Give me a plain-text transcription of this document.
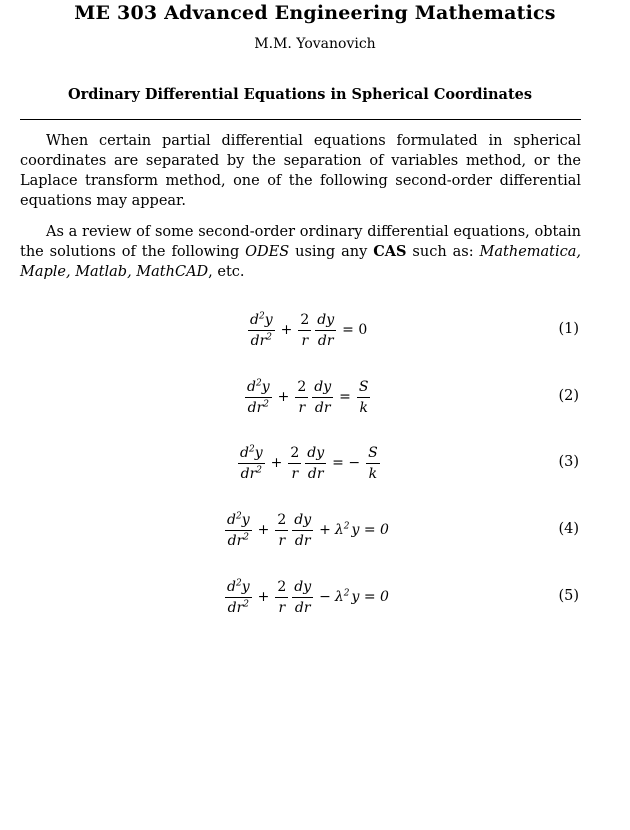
ME 303 Advanced Engineering Mathematics
M.M. Yovanovich
Ordinary Differential Equations in Spherical Coordinates
When certain partial differential equations formulated in spherical coordinates are separated by the separation of variables method, or the Laplace transform method, one of the following second-order differential equations may appear.
As a review of some second-order ordinary differential equations, obtain the solutions of the following ODES using any CAS such as: Mathematica, Maple, Matlab, MathCAD, etc.
$\frac{d^2y}{dr^2} + \frac{2}{r} \frac{dy}{dr} = 0$	(1)
$\frac{d^2y}{dr^2} + \frac{2}{r} \frac{dy}{dr} = \frac{S}{k}$	(2)
$\frac{d^2y}{dr^2} + \frac{2}{r} \frac{dy}{dr}$ = − $\frac{S}{k}$	(3)
$\frac{d^2y}{dr^2} + \frac{2}{r} \frac{dy}{dr} + \lambda^2$ y = 0	(4)
$\frac{d^2y}{dr^2} + \frac{2}{r} \frac{dy}{dr} - \lambda^2$ y = 0	(5)
